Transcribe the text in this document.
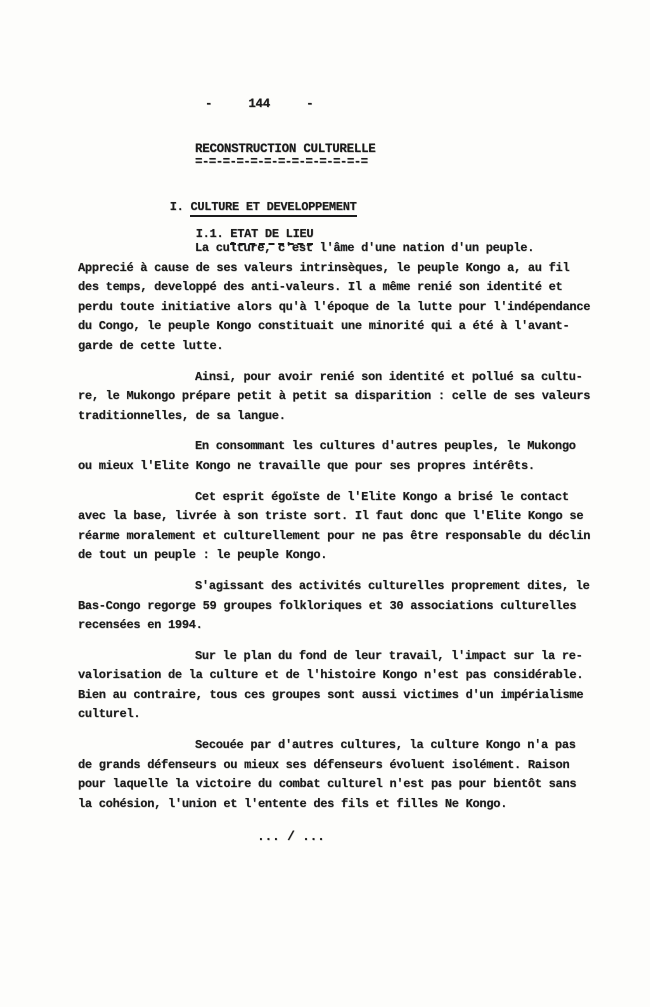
-     144     -
RECONSTRUCTION CULTURELLE
=-=-=-=-=-=-=-=-=-=-=-=-=

I. CULTURE ET DEVELOPPEMENT

I.1. ETAT DE LIEU

La culture, c'est l'âme d'une nation d'un peuple.
Apprecié à cause de ses valeurs intrinsèques, le peuple Kongo a, au fil
des temps, developpé des anti-valeurs. Il a même renié son identité et
perdu toute initiative alors qu'à l'époque de la lutte pour l'indépendance
du Congo, le peuple Kongo constituait une minorité qui a été à l'avant-
garde de cette lutte.
Ainsi, pour avoir renié son identité et pollué sa cultu-
re, le Mukongo prépare petit à petit sa disparition : celle de ses valeurs
traditionnelles, de sa langue.
En consommant les cultures d'autres peuples, le Mukongo
ou mieux l'Elite Kongo ne travaille que pour ses propres intérêts.
Cet esprit égoïste de l'Elite Kongo a brisé le contact
avec la base, livrée à son triste sort. Il faut donc que l'Elite Kongo se
réarme moralement et culturellement pour ne pas être responsable du déclin
de tout un peuple : le peuple Kongo.
S'agissant des activités culturelles proprement dites, le
Bas-Congo regorge 59 groupes folkloriques et 30 associations culturelles
recensées en 1994.
Sur le plan du fond de leur travail, l'impact sur la re-
valorisation de la culture et de l'histoire Kongo n'est pas considérable.
Bien au contraire, tous ces groupes sont aussi victimes d'un impérialisme
culturel.
Secouée par d'autres cultures, la culture Kongo n'a pas
de grands défenseurs ou mieux ses défenseurs évoluent isolément. Raison
pour laquelle la victoire du combat culturel n'est pas pour bientôt sans
la cohésion, l'union et l'entente des fils et filles Ne Kongo.
... / ...
